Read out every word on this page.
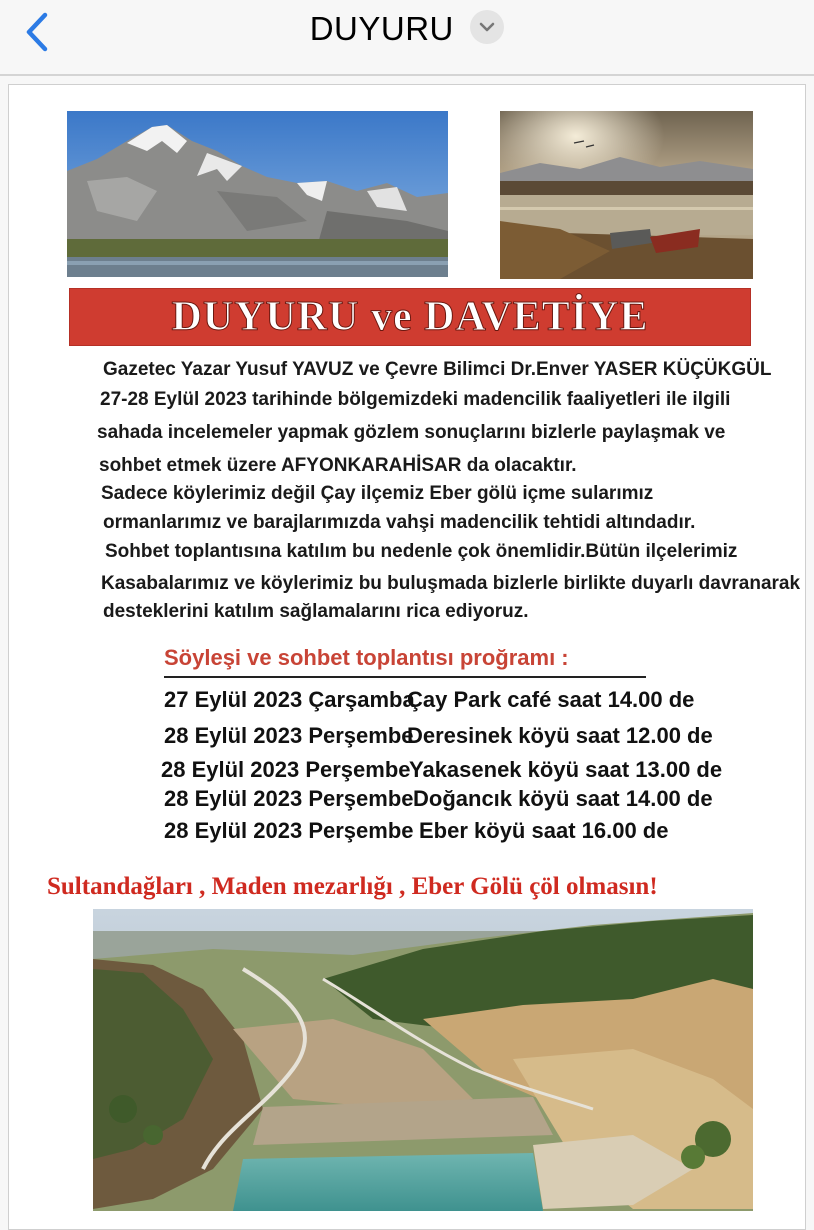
DUYURU
DUYURU ve DAVETİYE
Gazetec Yazar Yusuf YAVUZ ve Çevre Bilimci Dr.Enver YASER KÜÇÜKGÜL
27-28 Eylül 2023 tarihinde bölgemizdeki madencilik faaliyetleri ile ilgili
sahada incelemeler yapmak gözlem sonuçlarını bizlerle paylaşmak ve
sohbet etmek üzere AFYONKARAHİSAR da olacaktır.
Sadece köylerimiz değil Çay ilçemiz Eber gölü içme sularımız
ormanlarımız ve barajlarımızda vahşi madencilik tehtidi altındadır.
Sohbet toplantısına katılım bu nedenle çok önemlidir.Bütün ilçelerimiz
Kasabalarımız ve köylerimiz bu buluşmada bizlerle birlikte duyarlı davranarak
desteklerini katılım sağlamalarını rica ediyoruz.
Söyleşi ve sohbet toplantısı proğramı :
27 Eylül 2023 Çarşamba
Çay Park café saat 14.00 de
28 Eylül 2023 Perşembe
Deresinek köyü saat 12.00 de
28 Eylül 2023 Perşembe
Yakasenek köyü saat 13.00 de
28 Eylül 2023 Perşembe Doğancık köyü saat 14.00 de
28 Eylül 2023 Perşembe Eber köyü saat 16.00 de
Sultandağları , Maden mezarlığı , Eber Gölü çöl olmasın!
